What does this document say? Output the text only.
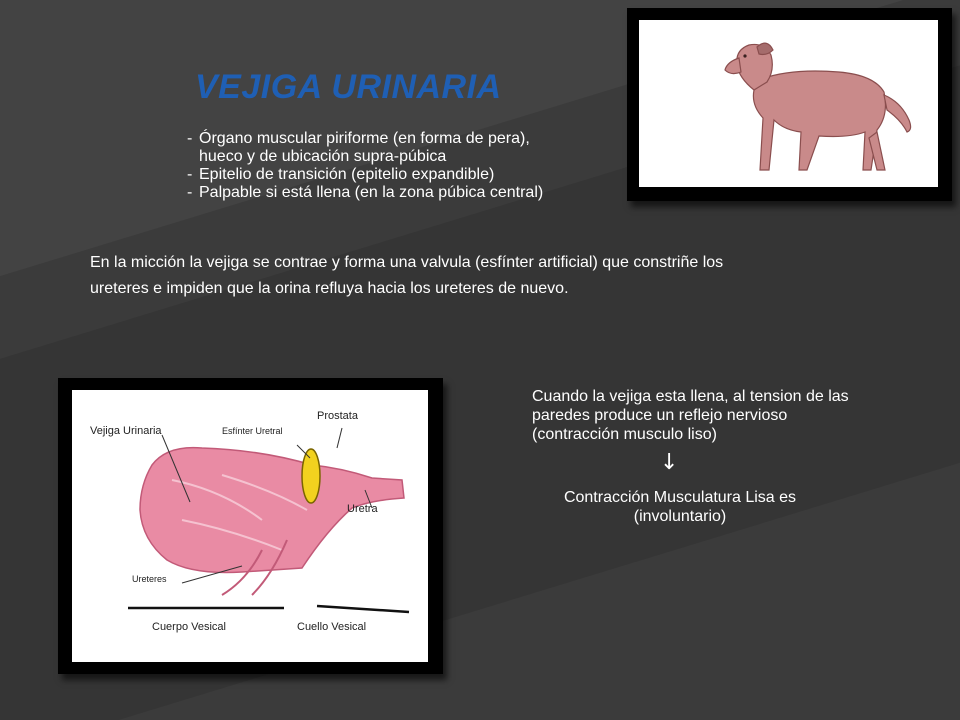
VEJIGA URINARIA
- Órgano muscular piriforme (en forma de pera),
hueco y de ubicación supra-púbica
- Epitelio de transición (epitelio expandible)
- Palpable si está llena (en la zona púbica central)

En la micción la vejiga se contrae y forma una valvula (esfínter artificial) que constriñe los ureteres e impiden que la orina refluya hacia los ureteres de nuevo.

Cuando la vejiga esta llena, al tension de las paredes produce un reflejo nervioso (contracción musculo liso)

↓

Contracción Musculatura Lisa es
(involuntario)

Vejiga Urinaria	Esfínter Uretral
Prostata
Uretra
Ureteres
Cuerpo Vesical	Cuello Vesical
